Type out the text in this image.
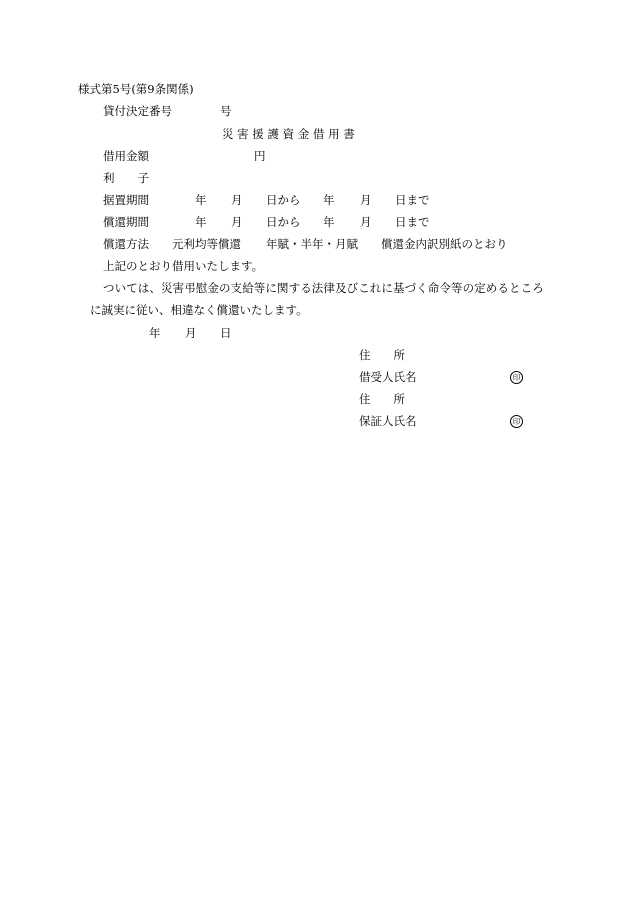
様式第5号(第9条関係)
貸付決定番号	号
災 害 援 護 資 金 借 用 書
借用金額	円
利　　子
据置期間	年 月 日から 年 月 日まで
償還期間	年 月 日から 年 月 日まで
償還方法 元利均等償還 年賦・半年・月賦 償還金内訳別紙のとおり
上記のとおり借用いたします。
ついては、災害弔慰金の支給等に関する法律及びこれに基づく命令等の定めるところ
に誠実に従い、相違なく償還いたします。
年 月 日
住　　所
借受人氏名	印
住　　所
保証人氏名	印
